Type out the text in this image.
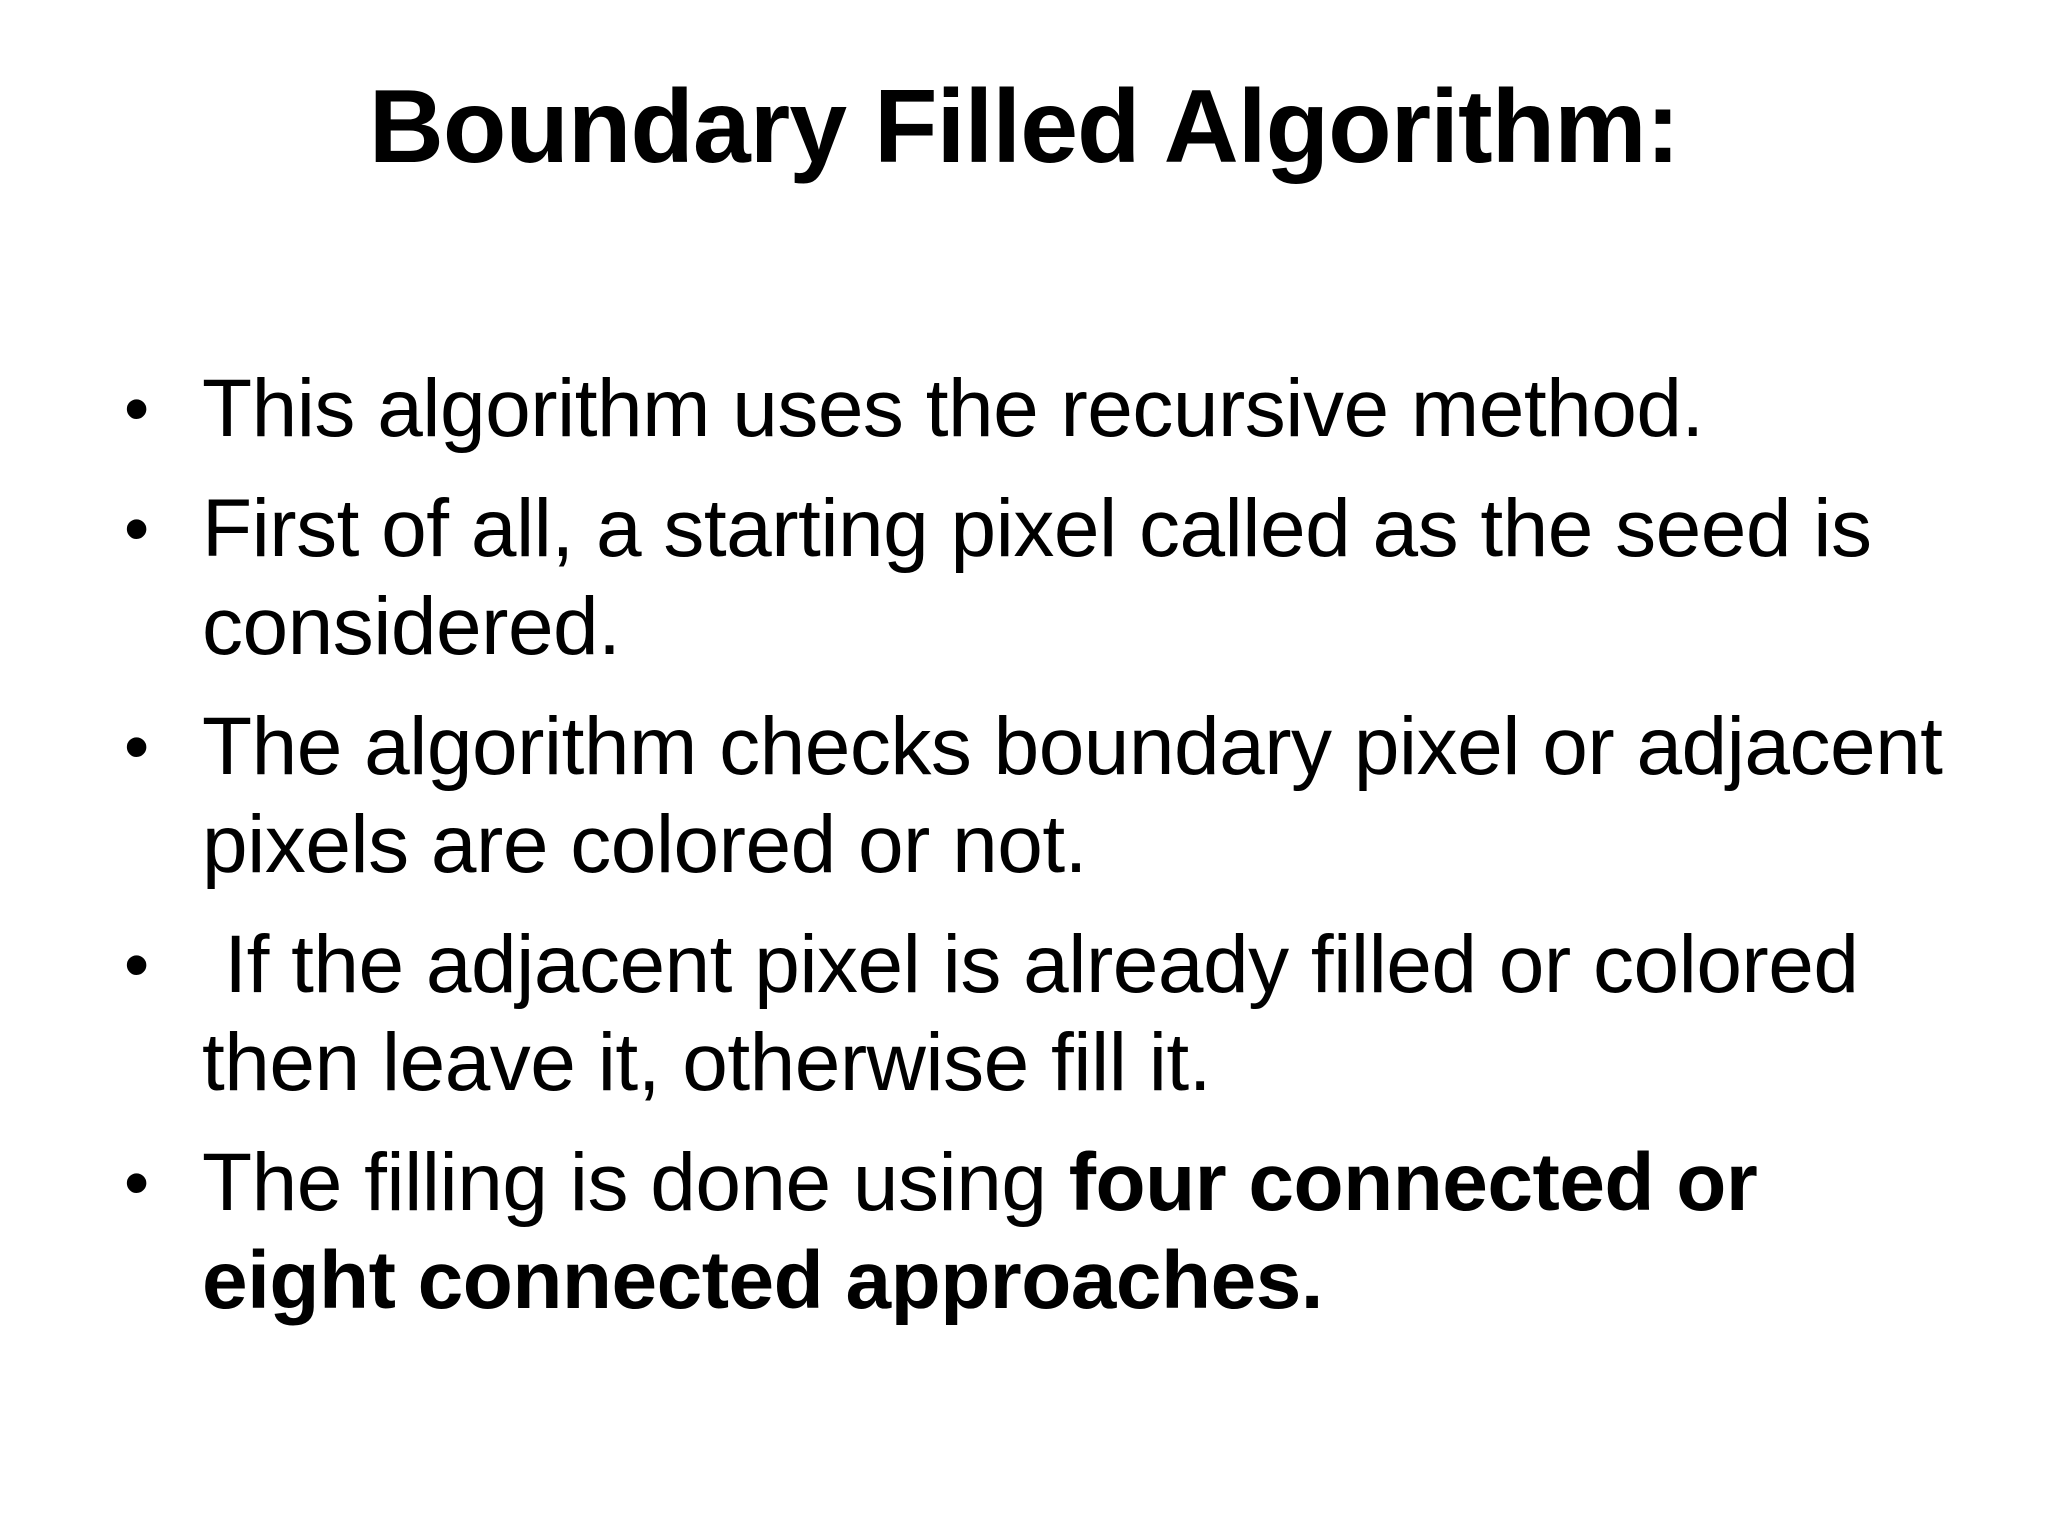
Boundary Filled Algorithm:
• This algorithm uses the recursive method.
• First of all, a starting pixel called as the seed is considered.
• The algorithm checks boundary pixel or adjacent pixels are colored or not.
• If the adjacent pixel is already filled or colored then leave it, otherwise fill it.
• The filling is done using four connected or eight connected approaches.
